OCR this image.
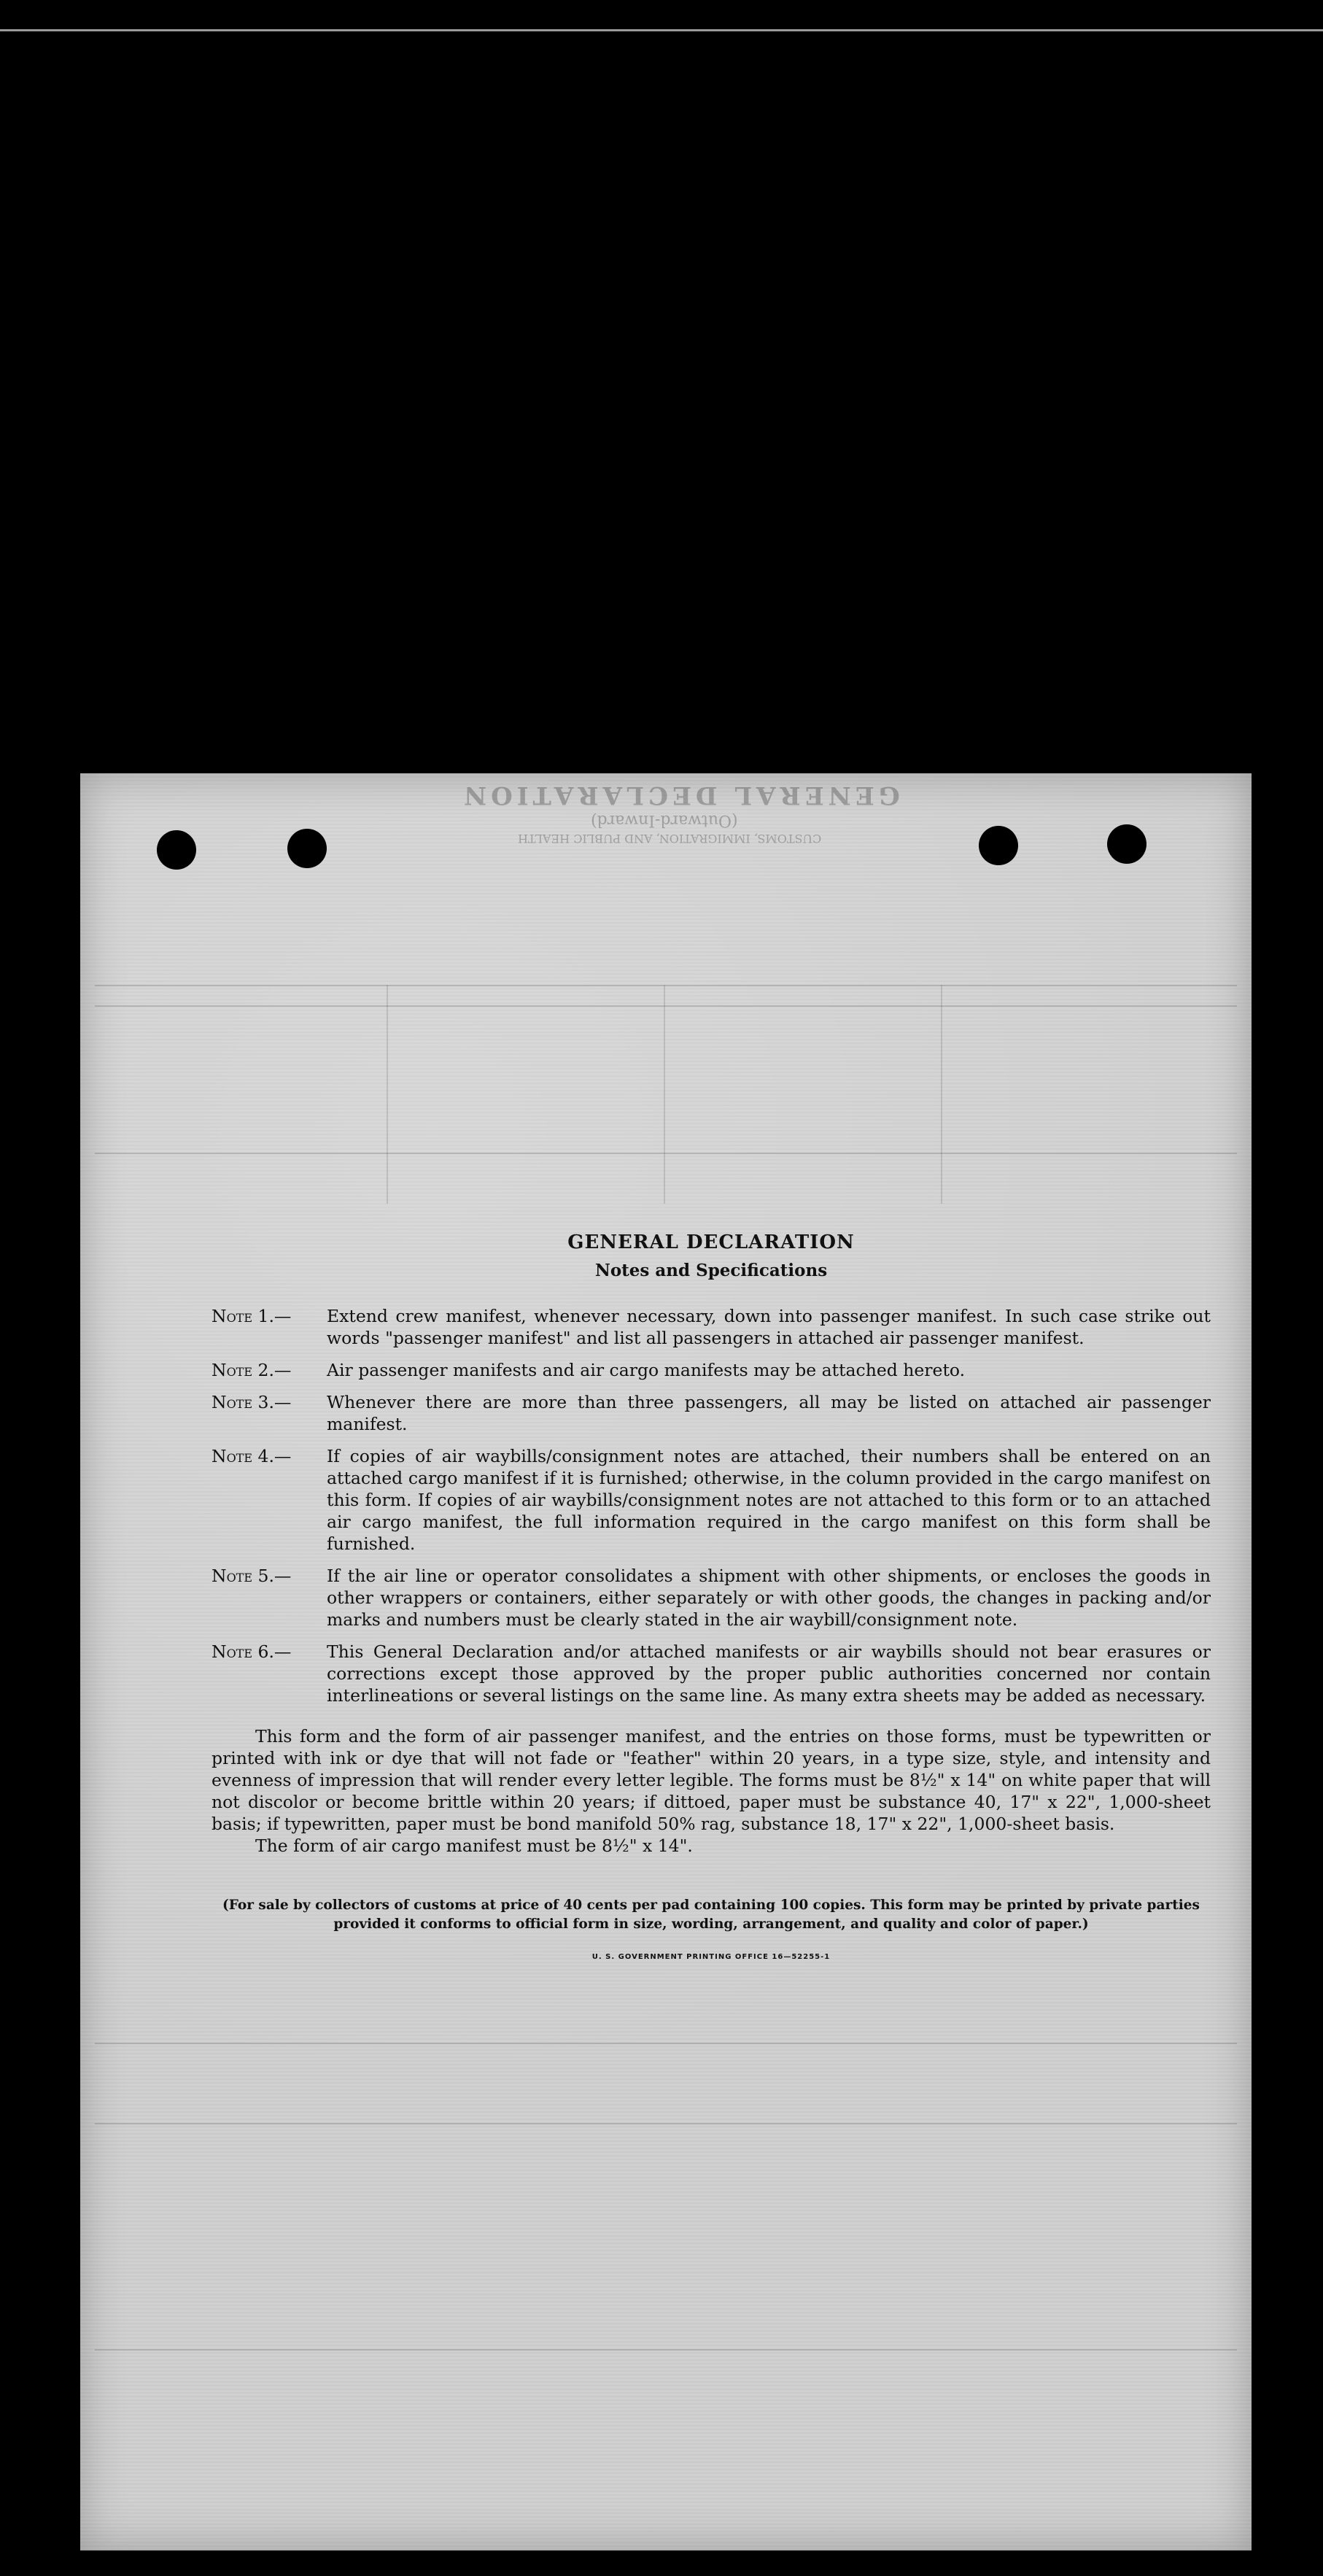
GENERAL DECLARATION
(Outward-Inward)
CUSTOMS, IMMIGRATION, AND PUBLIC HEALTH
GENERAL DECLARATION
Notes and Specifications
Note 1.—	Extend crew manifest, whenever necessary, down into passenger manifest. In such case strike out words "passenger manifest" and list all passengers in attached air passenger manifest.
Note 2.—	Air passenger manifests and air cargo manifests may be attached hereto.
Note 3.—	Whenever there are more than three passengers, all may be listed on attached air passenger manifest.
Note 4.—	If copies of air waybills/consignment notes are attached, their numbers shall be entered on an attached cargo manifest if it is furnished; otherwise, in the column provided in the cargo manifest on this form. If copies of air waybills/consignment notes are not attached to this form or to an attached air cargo manifest, the full information required in the cargo manifest on this form shall be furnished.
Note 5.—	If the air line or operator consolidates a shipment with other shipments, or encloses the goods in other wrappers or containers, either separately or with other goods, the changes in packing and/or marks and numbers must be clearly stated in the air waybill/consignment note.
Note 6.—	This General Declaration and/or attached manifests or air waybills should not bear erasures or corrections except those approved by the proper public authorities concerned nor contain interlineations or several listings on the same line. As many extra sheets may be added as necessary.
This form and the form of air passenger manifest, and the entries on those forms, must be typewritten or printed with ink or dye that will not fade or "feather" within 20 years, in a type size, style, and intensity and evenness of impression that will render every letter legible. The forms must be 8½" x 14" on white paper that will not discolor or become brittle within 20 years; if dittoed, paper must be substance 40, 17" x 22", 1,000-sheet basis; if typewritten, paper must be bond manifold 50% rag, substance 18, 17" x 22", 1,000-sheet basis.
The form of air cargo manifest must be 8½" x 14".
(For sale by collectors of customs at price of 40 cents per pad containing 100 copies. This form may be printed by private parties provided it conforms to official form in size, wording, arrangement, and quality and color of paper.)
U. S. GOVERNMENT PRINTING OFFICE 16—52255-1
